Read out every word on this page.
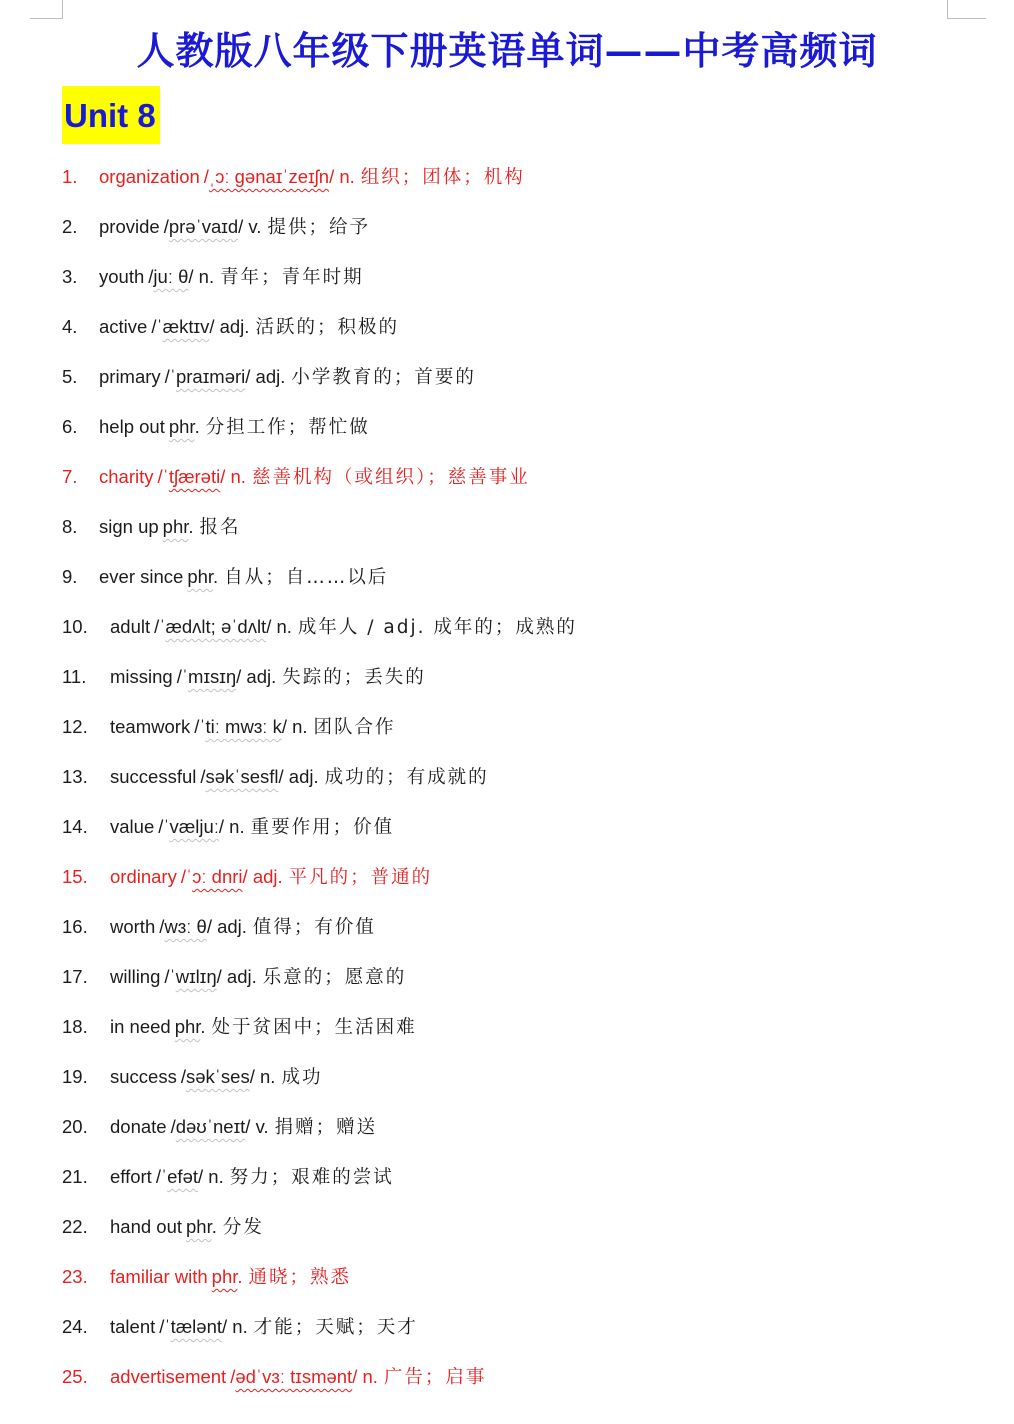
人教版八年级下册英语单词——中考高频词
Unit 8
1. organization /ˌɔː ɡənaɪˈzeɪʃn/ n. 组织；团体；机构
2. provide /prəˈvaɪd/ v. 提供；给予
3. youth /juː θ/ n. 青年；青年时期
4. active /ˈæktɪv/ adj. 活跃的；积极的
5. primary /ˈpraɪməri/ adj. 小学教育的；首要的
6. help out phr. 分担工作；帮忙做
7. charity /ˈtʃærəti/ n. 慈善机构（或组织）；慈善事业
8. sign up phr. 报名
9. ever since phr. 自从；自……以后
10. adult /ˈædʌlt; əˈdʌlt/ n. 成年人 / adj. 成年的；成熟的
11. missing /ˈmɪsɪŋ/ adj. 失踪的；丢失的
12. teamwork /ˈtiː mwɜː k/ n. 团队合作
13. successful /səkˈsesfl/ adj. 成功的；有成就的
14. value /ˈvæljuː/ n. 重要作用；价值
15. ordinary /ˈɔː dnri/ adj. 平凡的；普通的
16. worth /wɜː θ/ adj. 值得；有价值
17. willing /ˈwɪlɪŋ/ adj. 乐意的；愿意的
18. in need phr. 处于贫困中；生活困难
19. success /səkˈses/ n. 成功
20. donate /dəʊˈneɪt/ v. 捐赠；赠送
21. effort /ˈefət/ n. 努力；艰难的尝试
22. hand out phr. 分发
23. familiar with phr. 通晓；熟悉
24. talent /ˈtælənt/ n. 才能；天赋；天才
25. advertisement /ədˈvɜː tɪsmənt/ n. 广告；启事
